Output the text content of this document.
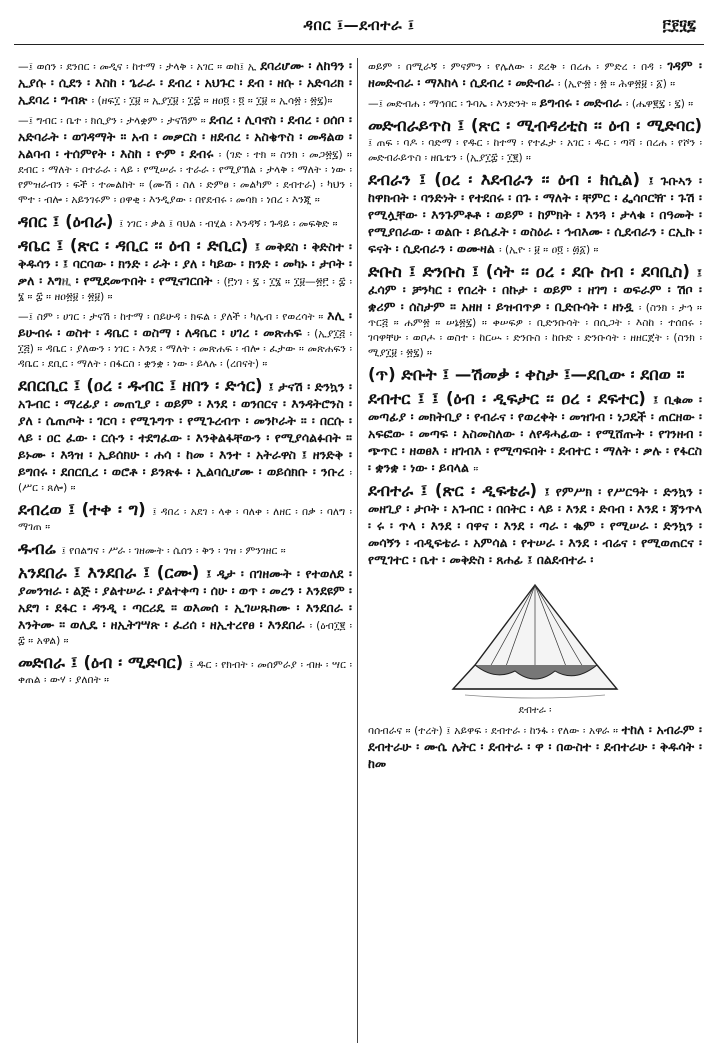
ዳበር ፤—ደብተራ ፤	፫፻፶፯

—፤ ወሰን ፡ ደንበር ፡ መዲና ፡ ከተማ ፡ ታላቅ ፡ አገር ። ወከ፤ ኢ ደባሪሆሙ ፡ ለከዓን ፡ ኢያሱ ፡ ሲደን ፡ እስከ ፡ ጌራራ ፡ ደብረ ፡ አህጉር ፡ ደብ ፡ ዘሱ ፡ አድባሪክ ፡ ኢደባረ ፡ ግብጽ ፡ (ዘፍ፲ ፡ ፲፱ ። ኢያ፲፱ ፡ ፲፰ ። ዘዐ፬ ፡ ፬ ። ፲፱ ። ኢሳ፳ ፡ ፳፯)።

—፤ ግብር ፡ ቤተ ፡ ክሲያን ፡ ታላቋም ፡ ታናሽም ። ደብረ ፡ ሊባኖስ ፡ ደብረ ፡ ዐሰቦ ፡ አድባራት ፡ ወገዳማት ። አብ ፡ መቃርስ ፡ ዘደብረ ፡ አስቄጥስ ፡ መዳልወ ፡ አልባብ ፡ ተሰምየት ፡ እስከ ፡ ዮም ፡ ደብሩ ፡ (ገድ ፡ ተክ ። ስንክ ፡ መጋ፳፯) ። ደብር ፡ ማለት ፡ በተራራ ፡ ላይ ፡ የሚሠራ ፡ ተራራ ፡ የሚያኽል ፡ ታላቅ ፡ ማለት ፡ ነው ፡ የምዝራብን ፡ ፍች ፡ ተመልከት ። (ሙሽ ፡ ስለ ፡ ድምፀ ፡ መልካም ፡ ደብተራ) ፡ ካህን ፡ ሞተ ፡ ብሎ ፡ አይንገሩም ፡ ዐዋቂ ፡ እንዲያው ፡ በየደብሩ ፡ መሳክ ፡ ነበረ ፡ እንጂ ።

ዳበር ፤ (ዕብራ) ፤ ነገር ፡ ቃል ፤ ባህል ፡ ብሂል ፡ እንዳኝ ፡ ጉዳይ ፡ መፍቅድ ።

ዳቤር ፤ (ጽር ፡ ዳቢር ፡፡ ዕብ ፡ ድቢር) ፤ መቅደስ ፡ ቅድስተ ፡ ቅዱሳን ፡ ፤ ባርባው ፡ ክንድ ፡ ራት ፡ ያለ ፡ ካይው ፡ ክንድ ፡ መካኑ ፡ ታቦት ፡ ቃለ ፡ እግዚ ፡ የሚደመጥበት ፡ የሚናገርበት ፡ (፫ነገ ፡ ፯ ፡ ፲፮ ። ፲፱—፳፫ ፡ ፰ ፡ ፮ ። ፰ ። ዘዐ፳፱ ፡ ፳፱) ።

—፤ ስም ፡ ሀገር ፡ ታናሽ ፡ ከተማ ፡ በይሁዳ ፡ ክፍል ፡ ያለች ፡ ካሌብ ፡ የወረሳት ። እሊ ፡ ይሁብሩ ፡ ወስተ ፡ ዳቤር ፡ ወስማ ፡ ለዳቤር ፡ ሀገረ ፡ መጽሐፍ ፡ (ኢያ፲፭ ፡ ፲፭) ። ዳቤር ፡ ያለውን ፡ ነገር ፡ እንደ ፡ ማለት ፡ መጽሐፍ ፡ ብሎ ፡ ፈታው ። መጽሐፍን ፡ ዳቤር ፡ ደቢር ፡ ማለት ፡ በፋርስ ፡ ቋንቋ ፡ ነው ፡ ይላሉ ፡ (ረበናት) ።

ደበርቢር ፤ (ዐረ ፡ ዱብር ፤ ዘበን ፡ ድኅር) ፤ ታናሽ ፡ ድንኳን ፡ አጉብር ፡ ማረፊያ ፡ መጠጊያ ፡ ወይም ፡ እንደ ፡ ወንበርና ፡ እንዳትሮንስ ፡ ያለ ፡ ሴጠጦት ፡ ገርባ ፡ የሚጉግጥ ፡ የሚጉረብጥ ፡ መንኮራት ። ፡ በርሱ ፡ ላይ ፡ ዐር ፈው ፡ ርሱን ፡ ተደግፈው ፡ እንቅልፋቸውን ፡ የሚያሳልፉበት ። ይኑሙ ፡ እጓዝ ፡ ኢይሰክሁ ፡ ሐሳ ፡ ከመ ፡ እንተ ፡ አትራዋስ ፤ ዘንድቅ ፡ ይግበሩ ፡ ደበርቢረ ፡ ወሮቶ ፡ ይንጽፉ ፡ ኢልባሲሆሙ ፡ ወይሰክቡ ፡ ንቡረ ፡ (ሥር ፡ ጸሎ) ።

ደብረወ ፤ (ተቀ ፡ ግ) ፤ ዳበረ ፡ አደገ ፡ ላቀ ፡ ባለቀ ፡ ለዘር ፡ በቃ ፡ ባለግ ፡ ማገጠ ።

ዱብሬ ፤ የበልግና ፡ ሥራ ፡ ገዘሙት ፡ ሴሰን ፡ ቅን ፡ ገዝ ፡ ምንገዘር ።

አንደበራ ፤ እንደበራ ፤ (ርሙ) ፤ ዲታ ፡ በገዘሙት ፡ የተወለደ ፡ ያመንዝራ ፡ ልጅ ፡ ያልተሠራ ፡ ያልተቀጣ ፡ ሰሁ ፡ ወጥ ፡ መረን ፡ እንደዩም ፡ አደግ ፡ ደፋር ፡ ዳንዲ ፡ ጣርሪዴ ። ወእመሰ ፡ ኢገሠጹክሙ ፡ እንደበራ ፡ እንትሙ ። ወሊዴ ፡ ዘኢትገሣጽ ፡ ፈሪሰ ፡ ዘኢተረየፀ ፡ እንደበራ ፡ (ዕብ፲፪ ፡ ፰ ። አዋል) ።

መድበራ ፤ (ዕብ ፡ ሚድባር) ፤ ዱር ፡ የክብት ፡ መሰምራያ ፡ ብዙ ፡ ሣር ፡ ቀጠል ፡ ውሃ ፡ ያለበት ።

ወይም ፡ በሚራኝ ፡ ምናምን ፡ የሌለው ፡ ደረቅ ፡ በረሐ ፡ ምድረ ፡ በዳ ፡ ገዳም ፡ ዘመድብራ ፡ ማእከላ ፡ ሲደብረ ፡ መድብራ ፡ (ኢዮ፳ ፡ ፳ ። ሕዋ፳፱ ፡ ፩) ።

—፤ መድብሐ ፡ ማኅበር ፡ ጉባኤ ፡ እንድንት ። ይግብሩ ፡ መድብራ ፡ (ሔዋ፪፯ ፡ ፯) ።

መድብራይጥስ ፤ (ጽር ፡ ሚብዳሪቲስ ፡፡ ዕብ ፡ ሚድባር) ፤ ጠፍ ፡ ባዶ ፡ ባድማ ፡ የዱር ፡ ከተማ ፡ የተፈታ ፡ አገር ፡ ዱር ፡ ጣሻ ፡ በረሐ ፡ የሾን ፡ መድብራይጥስ ፡ ዘቤቴን ፡ (ኢያ፲፰ ፡ ፲፪) ።

ደብራን ፤ (ዐረ ፡ እደብራን ፡፡ ዕብ ፡ ክሲል) ፤ ጉቡኣን ፡ ከዋክብት ፡ ባንድነት ፡ የተደበሩ ፡ በጉ ፡ ማለት ፡ ቸምር ፡ ፌሳቦርዥ ፡ ጉሽ ፡ የሚሏቸው ፡ እንጉምቶቶ ፡ ወይም ፡ ከምክት ፡ እንጓ ፡ ታላቁ ፡ በዓመት ፡ የሚያበራው ፡ ወልቡ ፡ ይሴፈት ፡ ወስዕራ ፡ ኅብእሙ ፡ ሲደብራን ፡ ርኢኩ ፡ ፍናት ፡ ሲደብራን ፡ ወሙዛል ፡ (ኢዮ ፡ ፱ ። ዐ፬ ፡ ፴፩) ።

ድቡስ ፤ ድንቡስ ፤ (ሳት ፡፡ ዐረ ፡ ደቡ ስብ ፡ ደባቢስ) ፤ ፈሳም ፡ ቻንካር ፡ የበረት ፡ በኩታ ፡ ወይም ፡ ዘገግ ፡ ወፍራም ፡ ሽቦ ፡ ቋሪም ፡ ሰስታም ። አዘዘ ፡ ይዝብጥዎ ፡ ቢድቡሳት ፡ ዘነዷ ፡ (ስንክ ፡ ታኅ ። ጥር፭ ። ሐም፳ ። ሠኔ፳፯) ። ቀሠፍዎ ፡ ቢድንቡሳት ፡ በሲጋት ፡ እስከ ፡ ተሰበሩ ፡ ገባዋቸሁ ፡ ወቦሖ ፡ ወስተ ፡ ከርሡ ፡ ድንቡስ ፡ ከቡድ ፡ ድንቡሳት ፡ ዘዘርጀት ፡ (ስንክ ፡ ሚያ፲፱ ፡ ፳፯) ።

(ጥ) ድቡት ፤ —ሽመቃ ፡ ቀስታ ፤—ደቢው ፡ ደበወ ።

ደብተር ፤ ፤ (ዕብ ፡ ዲፍታር ፡፡ ዐረ ፡ ደፍተር) ፤ ቢቁመ ፡ መጣፊያ ፡ መክትቢያ ፡ የብራና ፡ የወረቀት ፡ መዝገብ ፡ ነጋዴች ፡ ጠርዘው ፡ አፍፎው ፡ መጣፍ ፡ አስመስለው ፡ ለየዳሓፊው ፡ የሚሸጡት ፡ የገንዘብ ፡ ጭጥር ፡ ዘወፀእ ፡ ዘገብእ ፡ የሚጣፍበት ፡ ደብተር ፡ ማለት ፡ ቃሉ ፡ የፋርስ ፡ ቋንቋ ፡ ነው ፡ ይባላል ።

ደብተራ ፤ (ጽር ፡ ዲፍቴራ) ፤ የምሥክ ፡ የሥርዓት ፡ ድንኳን ፡ መዘጊያ ፡ ታቦት ፡ አጉብር ፡ በበትር ፡ ላይ ፡ እንደ ፡ ድባብ ፡ እንደ ፡ ጃንጥላ ፡ ሩ ፡ ጥላ ፡ እንደ ፡ ባዋና ፡ እንደ ፡ ጣራ ፡ ቈም ፡ የሚሠራ ፡ ድንኳን ፡ መሳኝን ፡ ብዲፍቴራ ፡ አምሳል ፡ የተሠራ ፡ እንደ ፡ ብሬና ፡ የሚወጠርና ፡ የሚገተር ፡ ቤተ ፡ መቅድስ ፡ ጸሐፊ ፤ በልደብተራ ፡

ደብተራ ፡

ባሰብራና ። (ተረት) ፤ አይዋፍ ፡ ደብተራ ፡ ከንፋ ፡ የለው ፡ አዋራ ። ተከለ ፡ አብራም ፡ ደብተራሁ ፡ ሙሴ ሌትር ፡ ደብተራ ፡ ዋ ፡ በውስተ ፡ ደብተራሁ ፡ ቅዱሳት ፡ ከመ
